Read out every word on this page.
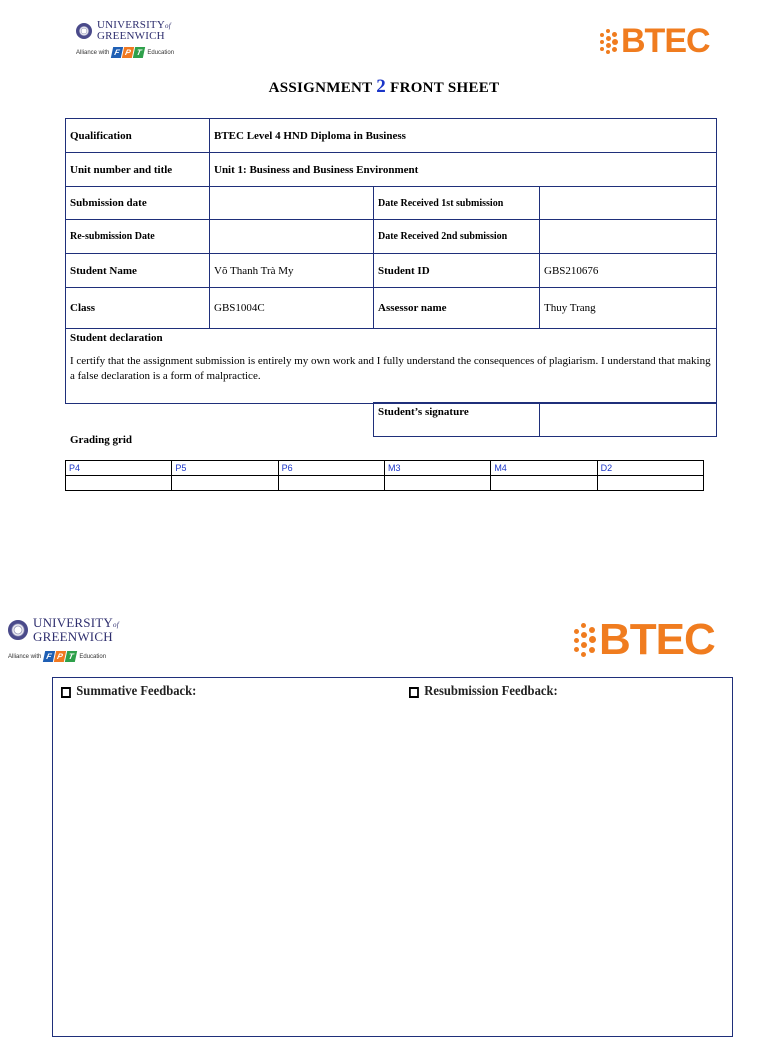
UNIVERSITYof
GREENWICH
Alliance with F P T Education	BTEC
ASSIGNMENT 2 FRONT SHEET
Qualification	BTEC Level 4 HND Diploma in Business		
Unit number and title	Unit 1: Business and Business Environment		
Submission date		Date Received 1st submission	
Re-submission Date		Date Received 2nd submission	
Student Name	Võ Thanh Trà My	Student ID	GBS210676
Class	GBS1004C	Assessor name	Thuy Trang

Student declaration
I certify that the assignment submission is entirely my own work and I fully understand the consequences of plagiarism. I understand that making a false declaration is a form of malpractice.			
Student’s signature	
Grading grid
P4	P5	P6	M3	M4	D2

UNIVERSITYof
GREENWICH
Alliance with F P T Education	BTEC
Summative Feedback:	Resubmission Feedback:
